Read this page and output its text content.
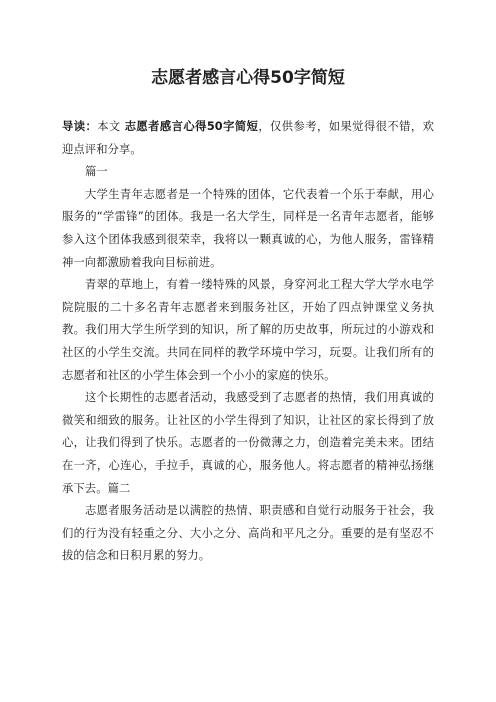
志愿者感言心得50字简短

导读：本文 志愿者感言心得50字简短，仅供参考，如果觉得很不错，欢迎点评和分享。

篇一

大学生青年志愿者是一个特殊的团体，它代表着一个乐于奉献，用心服务的“学雷锋”的团体。我是一名大学生，同样是一名青年志愿者，能够参入这个团体我感到很荣幸，我将以一颗真诚的心，为他人服务，雷锋精神一向都激励着我向目标前进。

青翠的草地上，有着一缕特殊的风景，身穿河北工程大学大学水电学院院服的二十多名青年志愿者来到服务社区，开始了四点钟课堂义务执教。我们用大学生所学到的知识，所了解的历史故事，所玩过的小游戏和社区的小学生交流。共同在同样的教学环境中学习，玩耍。让我们所有的志愿者和社区的小学生体会到一个小小的家庭的快乐。

这个长期性的志愿者活动，我感受到了志愿者的热情，我们用真诚的微笑和细致的服务。让社区的小学生得到了知识，让社区的家长得到了放心，让我们得到了快乐。志愿者的一份微薄之力，创造着完美未来。团结在一齐，心连心，手拉手，真诚的心，服务他人。将志愿者的精神弘扬继承下去。篇二

志愿者服务活动是以满腔的热情、职责感和自觉行动服务于社会，我们的行为没有轻重之分、大小之分、高尚和平凡之分。重要的是有坚忍不拔的信念和日积月累的努力。
